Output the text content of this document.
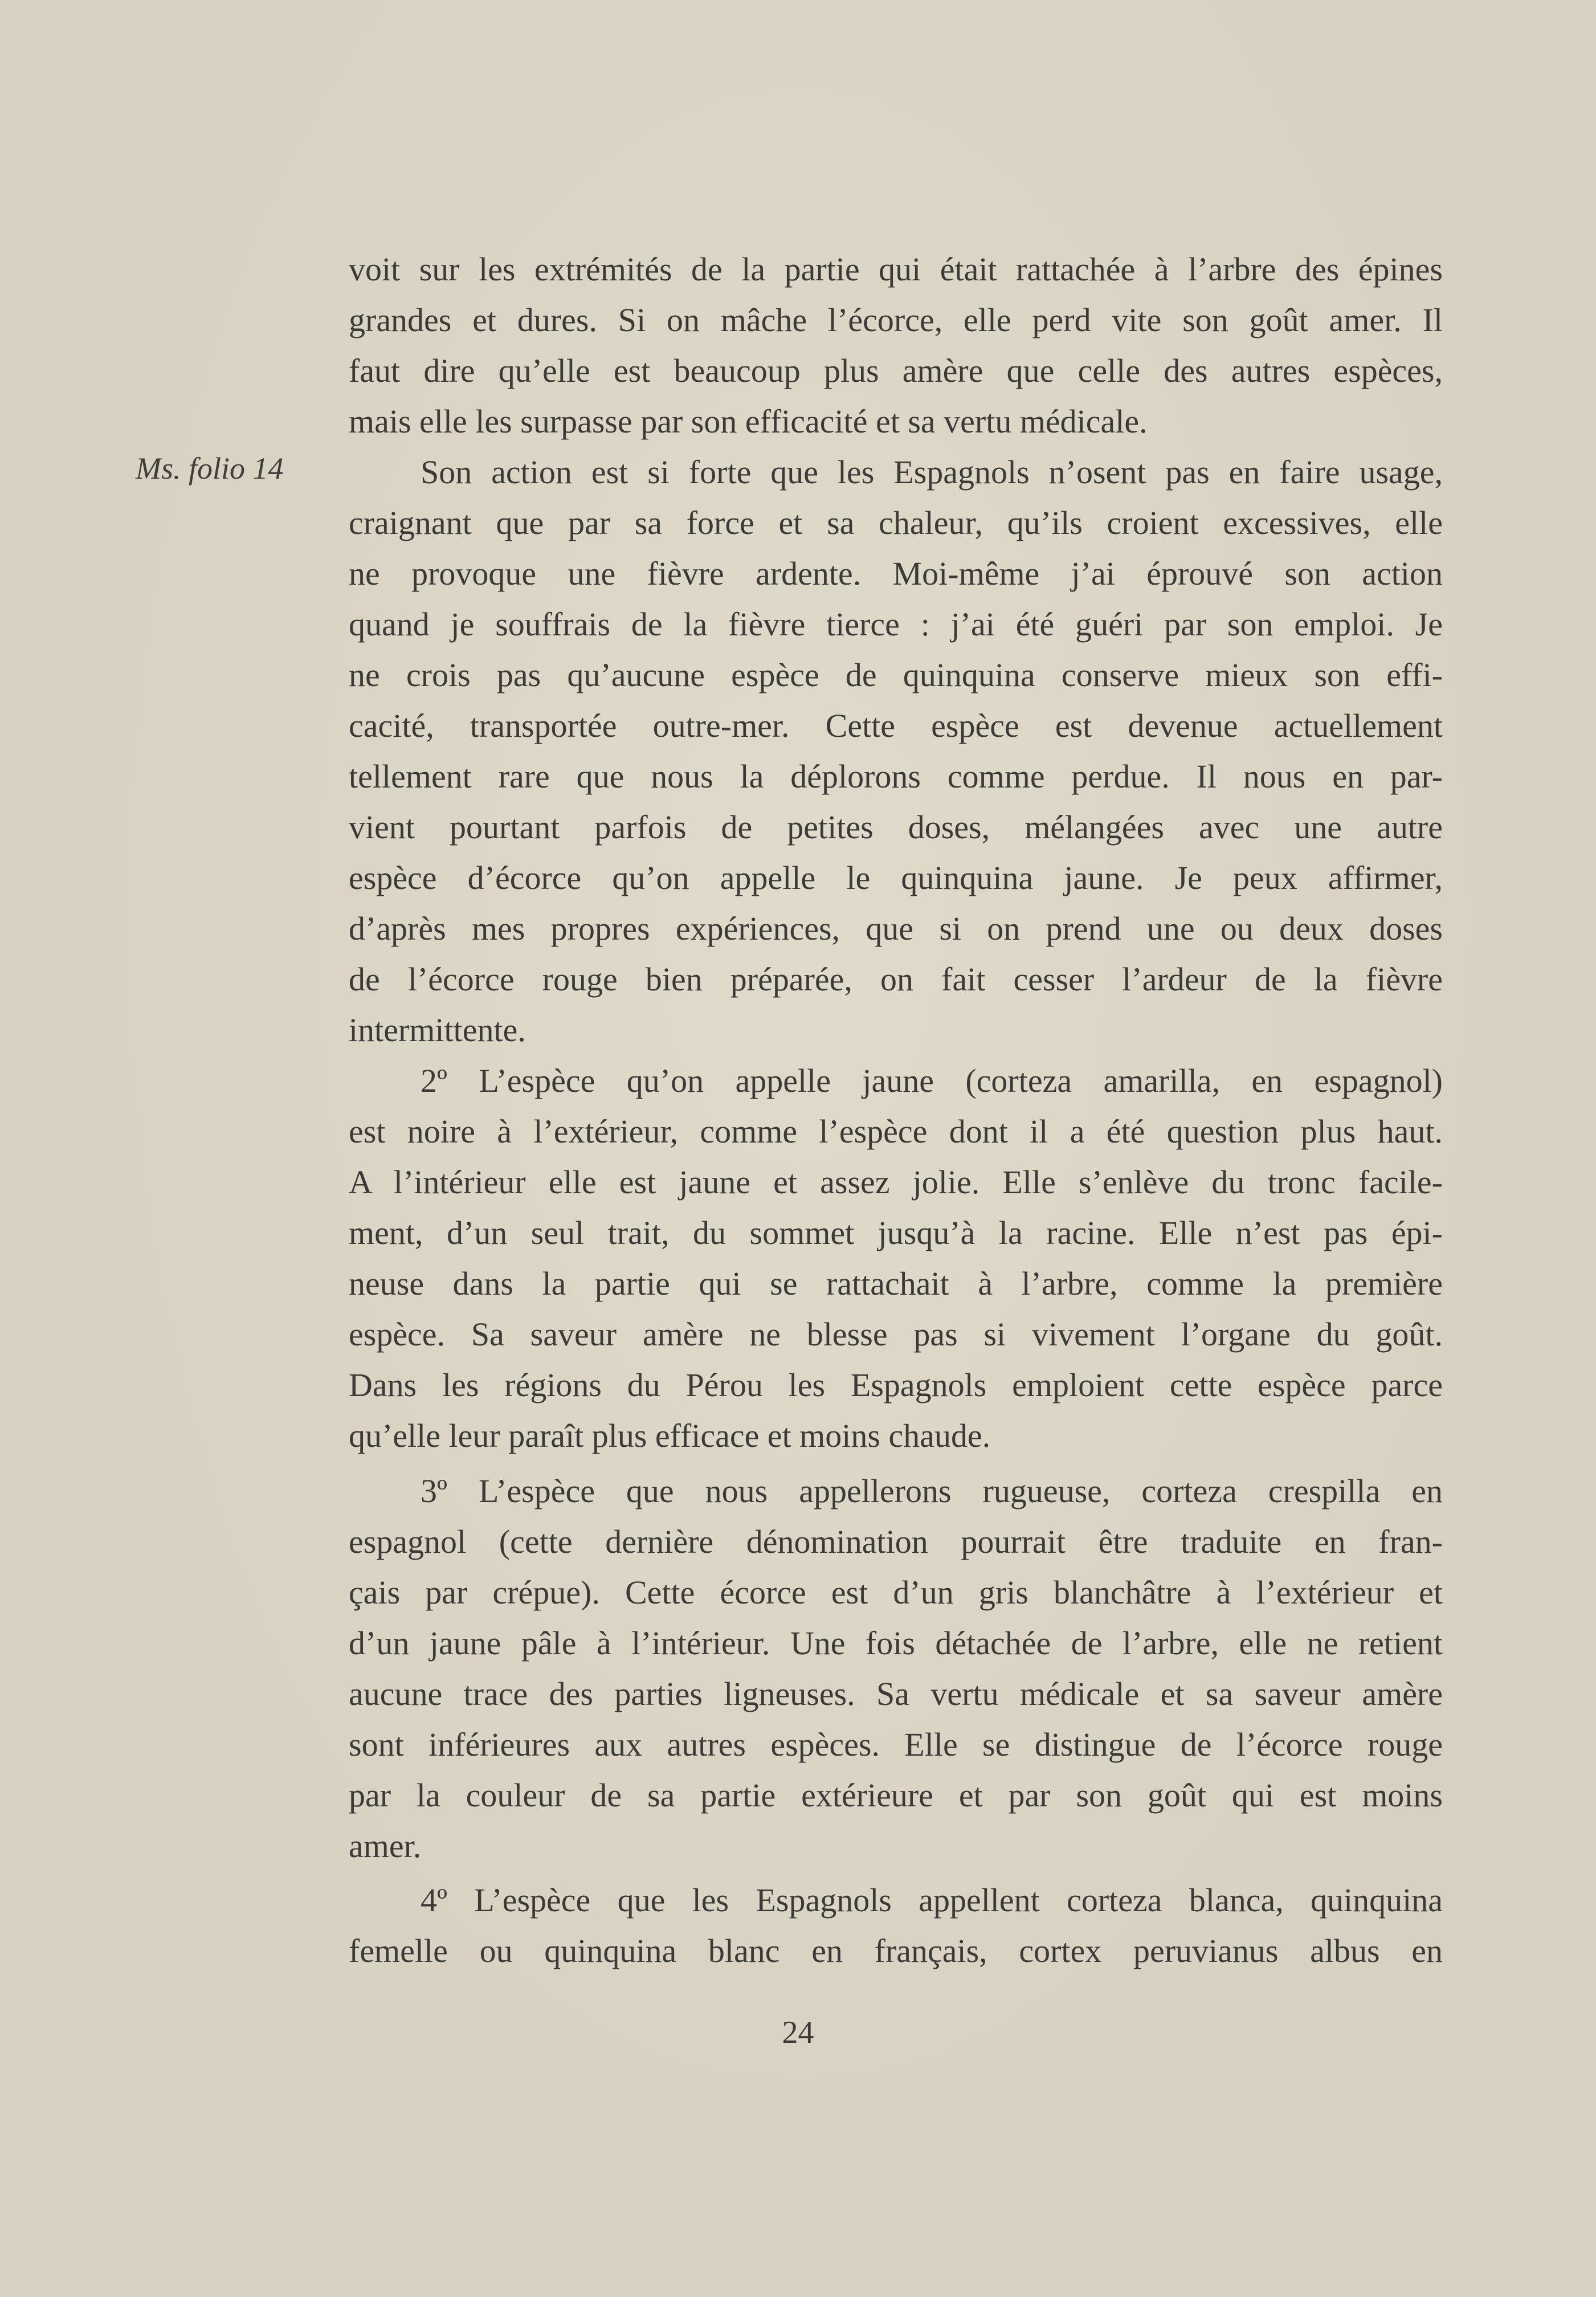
Ms. folio 14
voit sur les extrémités de la partie qui était rattachée à l’arbre des épines
grandes et dures. Si on mâche l’écorce, elle perd vite son goût amer. Il
faut dire qu’elle est beaucoup plus amère que celle des autres espèces,
mais elle les surpasse par son efficacité et sa vertu médicale.
Son action est si forte que les Espagnols n’osent pas en faire usage,
craignant que par sa force et sa chaleur, qu’ils croient excessives, elle
ne provoque une fièvre ardente. Moi-même j’ai éprouvé son action
quand je souffrais de la fièvre tierce : j’ai été guéri par son emploi. Je
ne crois pas qu’aucune espèce de quinquina conserve mieux son effi-
cacité, transportée outre-mer. Cette espèce est devenue actuellement
tellement rare que nous la déplorons comme perdue. Il nous en par-
vient pourtant parfois de petites doses, mélangées avec une autre
espèce d’écorce qu’on appelle le quinquina jaune. Je peux affirmer,
d’après mes propres expériences, que si on prend une ou deux doses
de l’écorce rouge bien préparée, on fait cesser l’ardeur de la fièvre
intermittente.
2º L’espèce qu’on appelle jaune (corteza amarilla, en espagnol)
est noire à l’extérieur, comme l’espèce dont il a été question plus haut.
A l’intérieur elle est jaune et assez jolie. Elle s’enlève du tronc facile-
ment, d’un seul trait, du sommet jusqu’à la racine. Elle n’est pas épi-
neuse dans la partie qui se rattachait à l’arbre, comme la première
espèce. Sa saveur amère ne blesse pas si vivement l’organe du goût.
Dans les régions du Pérou les Espagnols emploient cette espèce parce
qu’elle leur paraît plus efficace et moins chaude.
3º L’espèce que nous appellerons rugueuse, corteza crespilla en
espagnol (cette dernière dénomination pourrait être traduite en fran-
çais par crépue). Cette écorce est d’un gris blanchâtre à l’extérieur et
d’un jaune pâle à l’intérieur. Une fois détachée de l’arbre, elle ne retient
aucune trace des parties ligneuses. Sa vertu médicale et sa saveur amère
sont inférieures aux autres espèces. Elle se distingue de l’écorce rouge
par la couleur de sa partie extérieure et par son goût qui est moins
amer.
4º L’espèce que les Espagnols appellent corteza blanca, quinquina
femelle ou quinquina blanc en français, cortex peruvianus albus en
24
